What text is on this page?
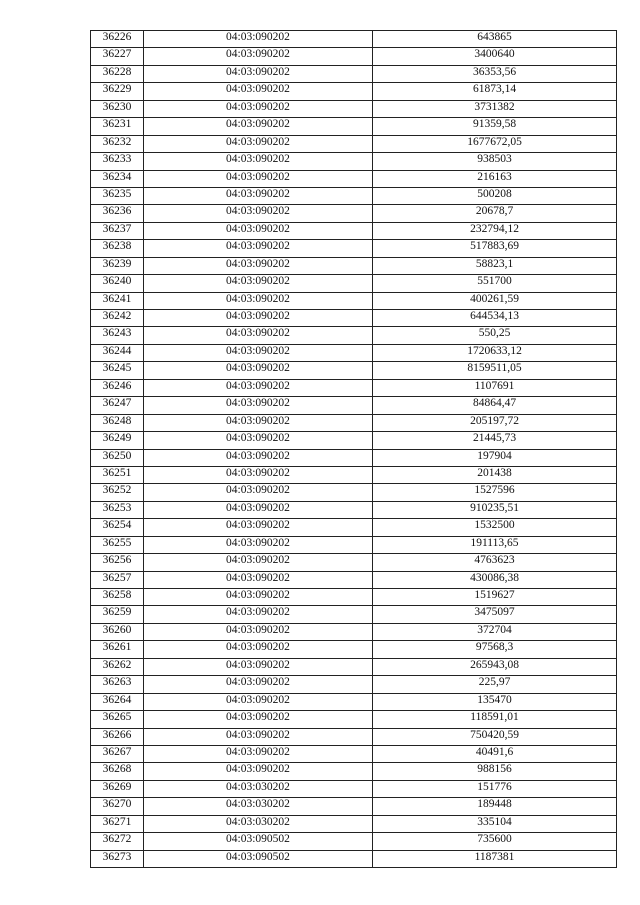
36226	04:03:090202	643865
36227	04:03:090202	3400640
36228	04:03:090202	36353,56
36229	04:03:090202	61873,14
36230	04:03:090202	3731382
36231	04:03:090202	91359,58
36232	04:03:090202	1677672,05
36233	04:03:090202	938503
36234	04:03:090202	216163
36235	04:03:090202	500208
36236	04:03:090202	20678,7
36237	04:03:090202	232794,12
36238	04:03:090202	517883,69
36239	04:03:090202	58823,1
36240	04:03:090202	551700
36241	04:03:090202	400261,59
36242	04:03:090202	644534,13
36243	04:03:090202	550,25
36244	04:03:090202	1720633,12
36245	04:03:090202	8159511,05
36246	04:03:090202	1107691
36247	04:03:090202	84864,47
36248	04:03:090202	205197,72
36249	04:03:090202	21445,73
36250	04:03:090202	197904
36251	04:03:090202	201438
36252	04:03:090202	1527596
36253	04:03:090202	910235,51
36254	04:03:090202	1532500
36255	04:03:090202	191113,65
36256	04:03:090202	4763623
36257	04:03:090202	430086,38
36258	04:03:090202	1519627
36259	04:03:090202	3475097
36260	04:03:090202	372704
36261	04:03:090202	97568,3
36262	04:03:090202	265943,08
36263	04:03:090202	225,97
36264	04:03:090202	135470
36265	04:03:090202	118591,01
36266	04:03:090202	750420,59
36267	04:03:090202	40491,6
36268	04:03:090202	988156
36269	04:03:030202	151776
36270	04:03:030202	189448
36271	04:03:030202	335104
36272	04:03:090502	735600
36273	04:03:090502	1187381
